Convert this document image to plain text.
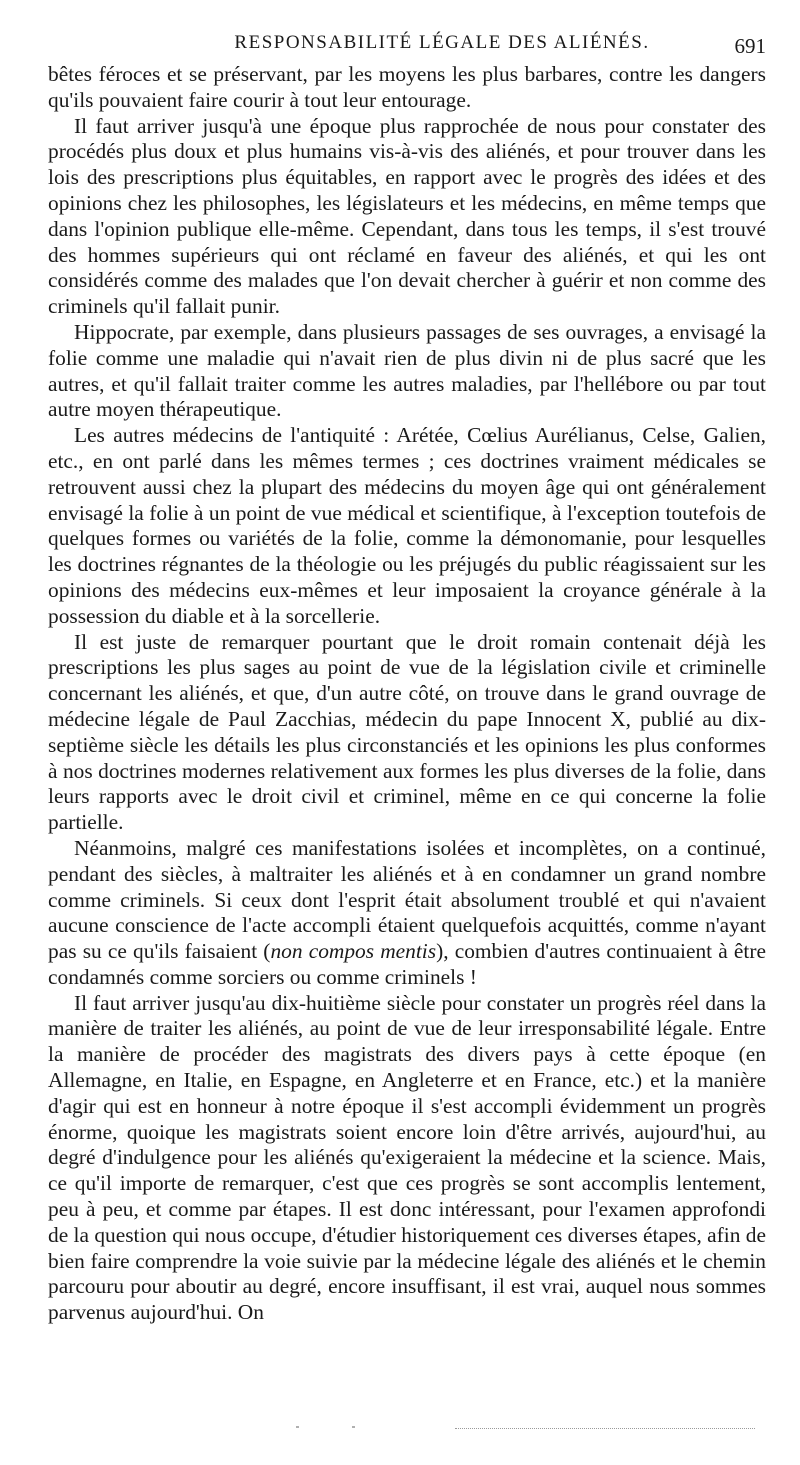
RESPONSABILITÉ LÉGALE DES ALIÉNÉS.	691

bêtes féroces et se préservant, par les moyens les plus barbares, contre les dangers qu'ils pouvaient faire courir à tout leur entourage.

Il faut arriver jusqu'à une époque plus rapprochée de nous pour constater des procédés plus doux et plus humains vis-à-vis des aliénés, et pour trouver dans les lois des prescriptions plus équitables, en rapport avec le progrès des idées et des opinions chez les philosophes, les législateurs et les médecins, en même temps que dans l'opinion publique elle-même. Cependant, dans tous les temps, il s'est trouvé des hommes supérieurs qui ont réclamé en faveur des aliénés, et qui les ont considérés comme des malades que l'on devait chercher à guérir et non comme des criminels qu'il fallait punir.

Hippocrate, par exemple, dans plusieurs passages de ses ouvrages, a envisagé la folie comme une maladie qui n'avait rien de plus divin ni de plus sacré que les autres, et qu'il fallait traiter comme les autres maladies, par l'hellébore ou par tout autre moyen thérapeutique.

Les autres médecins de l'antiquité : Arétée, Cœlius Aurélianus, Celse, Galien, etc., en ont parlé dans les mêmes termes ; ces doctrines vraiment médicales se retrouvent aussi chez la plupart des médecins du moyen âge qui ont généralement envisagé la folie à un point de vue médical et scientifique, à l'exception toutefois de quelques formes ou variétés de la folie, comme la démonomanie, pour lesquelles les doctrines régnantes de la théologie ou les préjugés du public réagissaient sur les opinions des médecins eux-mêmes et leur imposaient la croyance générale à la possession du diable et à la sorcellerie.

Il est juste de remarquer pourtant que le droit romain contenait déjà les prescriptions les plus sages au point de vue de la législation civile et criminelle concernant les aliénés, et que, d'un autre côté, on trouve dans le grand ouvrage de médecine légale de Paul Zacchias, médecin du pape Innocent X, publié au dix-septième siècle les détails les plus circonstanciés et les opinions les plus conformes à nos doctrines modernes relativement aux formes les plus diverses de la folie, dans leurs rapports avec le droit civil et criminel, même en ce qui concerne la folie partielle.

Néanmoins, malgré ces manifestations isolées et incomplètes, on a continué, pendant des siècles, à maltraiter les aliénés et à en condamner un grand nombre comme criminels. Si ceux dont l'esprit était absolument troublé et qui n'avaient aucune conscience de l'acte accompli étaient quelquefois acquittés, comme n'ayant pas su ce qu'ils faisaient (non compos mentis), combien d'autres continuaient à être condamnés comme sorciers ou comme criminels !

Il faut arriver jusqu'au dix-huitième siècle pour constater un progrès réel dans la manière de traiter les aliénés, au point de vue de leur irresponsabilité légale. Entre la manière de procéder des magistrats des divers pays à cette époque (en Allemagne, en Italie, en Espagne, en Angleterre et en France, etc.) et la manière d'agir qui est en honneur à notre époque il s'est accompli évidemment un progrès énorme, quoique les magistrats soient encore loin d'être arrivés, aujourd'hui, au degré d'indulgence pour les aliénés qu'exigeraient la médecine et la science. Mais, ce qu'il importe de remarquer, c'est que ces progrès se sont accomplis lentement, peu à peu, et comme par étapes. Il est donc intéressant, pour l'examen approfondi de la question qui nous occupe, d'étudier historiquement ces diverses étapes, afin de bien faire comprendre la voie suivie par la médecine légale des aliénés et le chemin parcouru pour aboutir au degré, encore insuffisant, il est vrai, auquel nous sommes parvenus aujourd'hui. On
